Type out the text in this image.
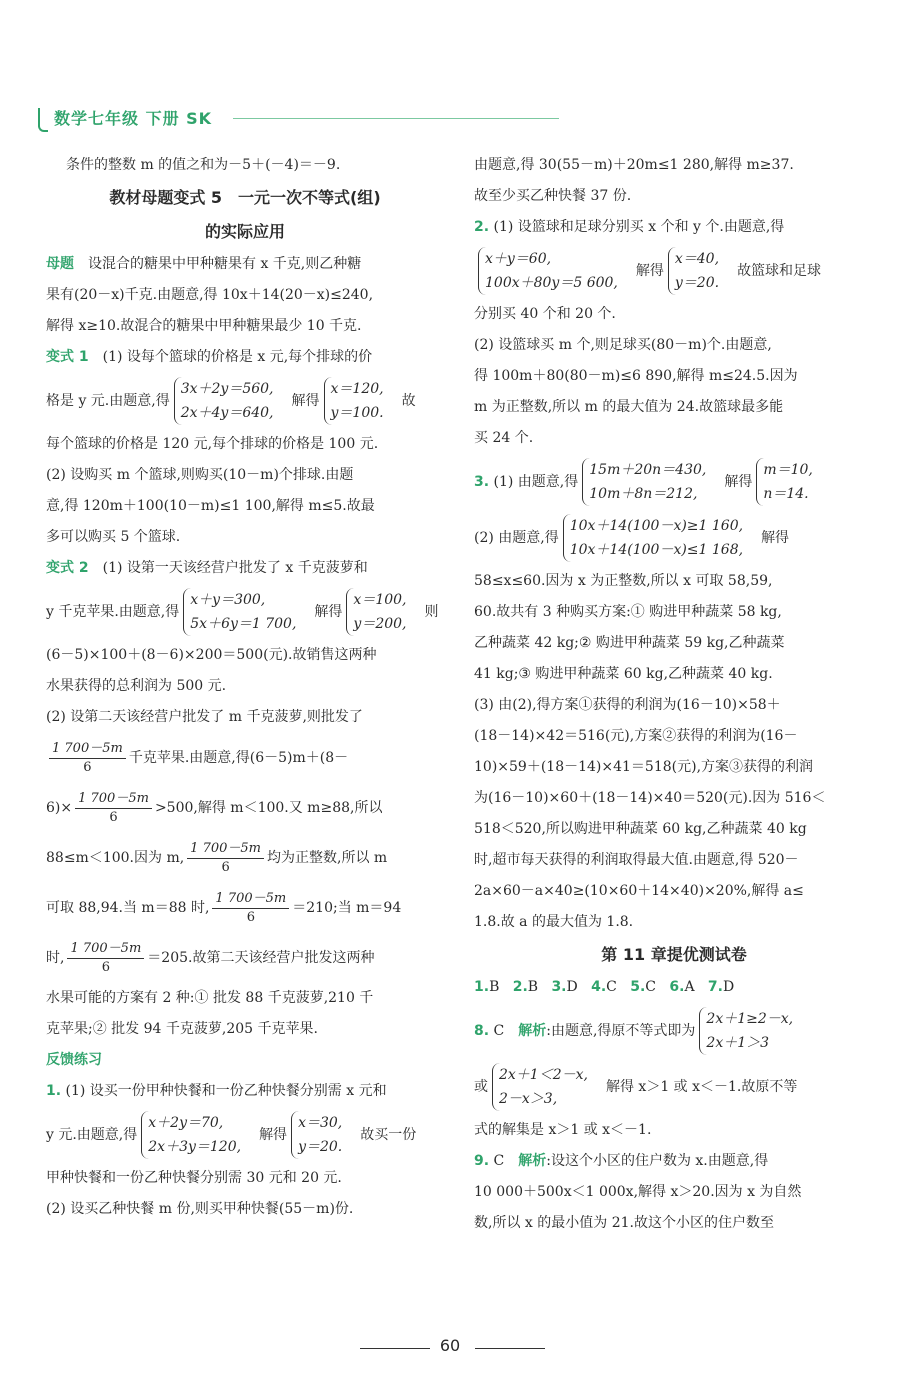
数学七年级 下册 SK

条件的整数 m 的值之和为－5＋(－4)＝－9.

教材母题变式 5　一元一次不等式(组)

的实际应用

母题　 设混合的糖果中甲种糖果有 x 千克,则乙种糖

果有(20－x)千克.由题意,得 10x＋14(20－x)≤240,

解得 x≥10.故混合的糖果中甲种糖果最少 10 千克.

变式 1　 (1) 设每个篮球的价格是 x 元,每个排球的价

格是 y 元.由题意,得3x＋2y＝560,
2x＋4y＝640,　解得x＝120,
y＝100.　故

每个篮球的价格是 120 元,每个排球的价格是 100 元.

(2) 设购买 m 个篮球,则购买(10－m)个排球.由题

意,得 120m＋100(10－m)≤1 100,解得 m≤5.故最

多可以购买 5 个篮球.

变式 2　 (1) 设第一天该经营户批发了 x 千克菠萝和

y 千克苹果.由题意,得x＋y＝300,
5x＋6y＝1 700,　解得x＝100,
y＝200,　则

(6－5)×100＋(8－6)×200＝500(元).故销售这两种

水果获得的总利润为 500 元.

(2) 设第二天该经营户批发了 m 千克菠萝,则批发了

$\frac{1 700-5m}{6}$ 千克苹果.由题意,得(6－5)m＋(8－

$6)\times \frac{1 700-5m}{6} >500$,解得 m＜100.又 m≥88,所以

88≤m＜100.因为 m, $\frac{1 700-5m}{6}$ 均为正整数,所以 m

可取 88,94.当 m＝88 时, $\frac{1 700-5m}{6} =210$;当 m＝94

时, $\frac{1 700-5m}{6} =205$.故第二天该经营户批发这两种

水果可能的方案有 2 种:① 批发 88 千克菠萝,210 千

克苹果;② 批发 94 千克菠萝,205 千克苹果.

反馈练习

1. (1) 设买一份甲种快餐和一份乙种快餐分别需 x 元和

y 元.由题意,得x＋2y＝70,
2x＋3y＝120,　解得x＝30,
y＝20.　故买一份

甲种快餐和一份乙种快餐分别需 30 元和 20 元.

(2) 设买乙种快餐 m 份,则买甲种快餐(55－m)份.

由题意,得 30(55－m)＋20m≤1 280,解得 m≥37.

故至少买乙种快餐 37 份.

2. (1) 设篮球和足球分别买 x 个和 y 个.由题意,得

x＋y＝60,
100x＋80y＝5 600,　解得x＝40,
y＝20.　故篮球和足球

分别买 40 个和 20 个.

(2) 设篮球买 m 个,则足球买(80－m)个.由题意,

得 100m＋80(80－m)≤6 890,解得 m≤24.5.因为

m 为正整数,所以 m 的最大值为 24.故篮球最多能

买 24 个.

3. (1) 由题意,得15m＋20n＝430,
10m＋8n＝212,　解得m＝10,
n＝14.

(2) 由题意,得10x＋14(100－x)≥1 160,
10x＋14(100－x)≤1 168,　解得

58≤x≤60.因为 x 为正整数,所以 x 可取 58,59,

60.故共有 3 种购买方案:① 购进甲种蔬菜 58 kg,

乙种蔬菜 42 kg;② 购进甲种蔬菜 59 kg,乙种蔬菜

41 kg;③ 购进甲种蔬菜 60 kg,乙种蔬菜 40 kg.

(3) 由(2),得方案①获得的利润为(16－10)×58＋

(18－14)×42＝516(元),方案②获得的利润为(16－

10)×59＋(18－14)×41＝518(元),方案③获得的利润

为(16－10)×60＋(18－14)×40＝520(元).因为 516＜

518＜520,所以购进甲种蔬菜 60 kg,乙种蔬菜 40 kg

时,超市每天获得的利润取得最大值.由题意,得 520－

2a×60－a×40≥(10×60＋14×40)×20%,解得 a≤

1.8.故 a 的最大值为 1.8.

第 11 章提优测试卷

1.B 2.B 3.D 4.C 5.C 6.A 7.D

8. C　 解析:由题意,得原不等式即为2x＋1≥2－x,
2x＋1＞3

或2x＋1＜2－x,
2－x＞3,　解得 x＞1 或 x＜－1.故原不等

式的解集是 x＞1 或 x＜－1.

9. C　 解析:设这个小区的住户数为 x.由题意,得

10 000＋500x＜1 000x,解得 x＞20.因为 x 为自然

数,所以 x 的最小值为 21.故这个小区的住户数至

60
